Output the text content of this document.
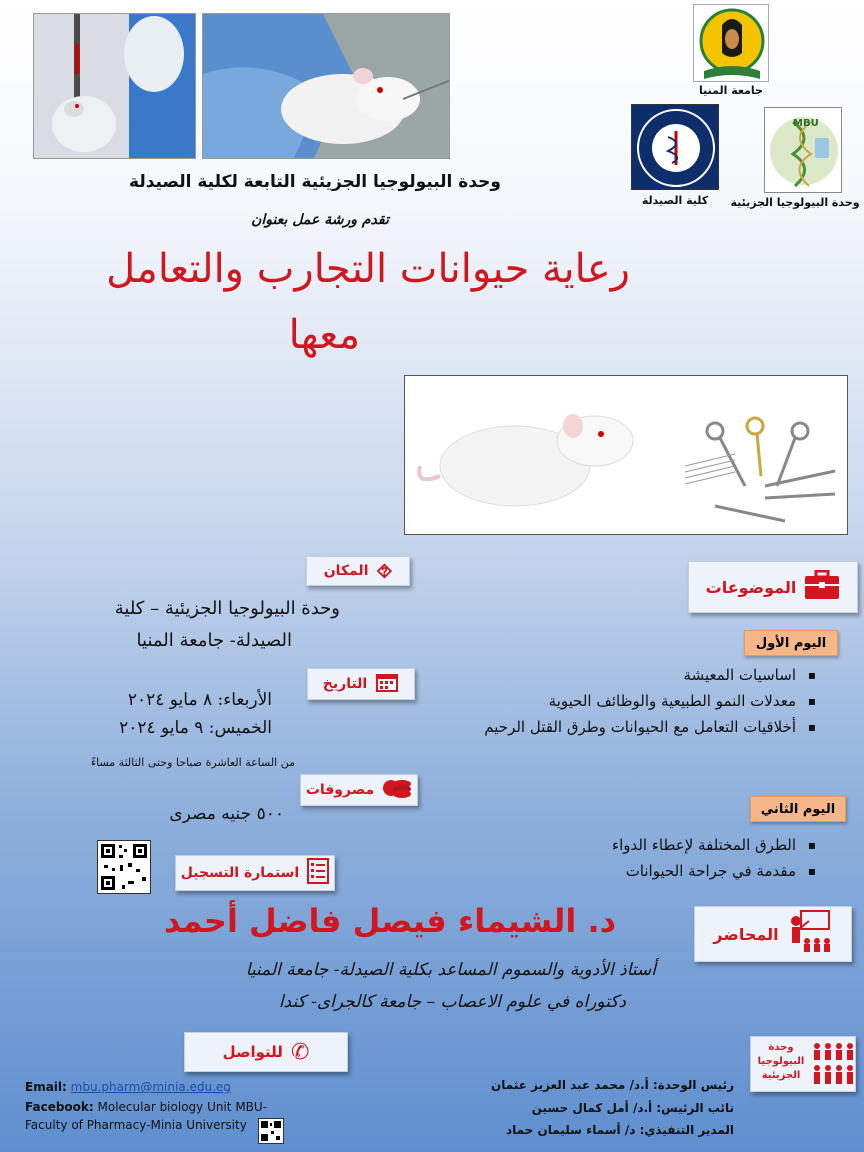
جامعة المنيا
كلية الصيدلة
MBU
وحدة البيولوجيا الجزيئية
وحدة البيولوجيا الجزيئية التابعة لكلية الصيدلة
تقدم ورشة عمل بعنوان
رعاية حيوانات التجارب والتعامل
معها
⯑
المكان
وحدة البيولوجيا الجزيئية – كلية
الصيدلة- جامعة المنيا
التاريخ
الأربعاء: ٨ مايو ٢٠٢٤
الخميس: ٩ مايو ٢٠٢٤
من الساعة العاشرة صباحا وحتى الثالثة مساءً
مصروفات
٥٠٠ جنيه مصرى
استمارة التسجيل
الموضوعات
اليوم الأول
▪ اساسيات المعيشة
▪ معدلات النمو الطبيعية والوظائف الحيوية
▪ أخلاقيات التعامل مع الحيوانات وطرق القتل الرحيم
اليوم الثاني
▪ الطرق المختلفة لإعطاء الدواء
▪ مقدمة في جراحة الحيوانات
المحاضر
د. الشيماء فيصل فاضل أحمد
أستاذ الأدوية والسموم المساعد بكلية الصيدلة- جامعة المنيا
دكتوراه في علوم الاعصاب – جامعة كالجراى- كندا
✆
للتواصل
Email: mbu.pharm@minia.edu.eg
Facebook: Molecular biology Unit MBU-
Faculty of Pharmacy-Minia University
رئيس الوحدة: أ.د/ محمد عبد العزيز عثمان
نائب الرئيس: أ.د/ أمل كمال حسين
المدير التنفيذي: د/ أسماء سليمان حماد
وحدة
البيولوجيا
الجزيئية
